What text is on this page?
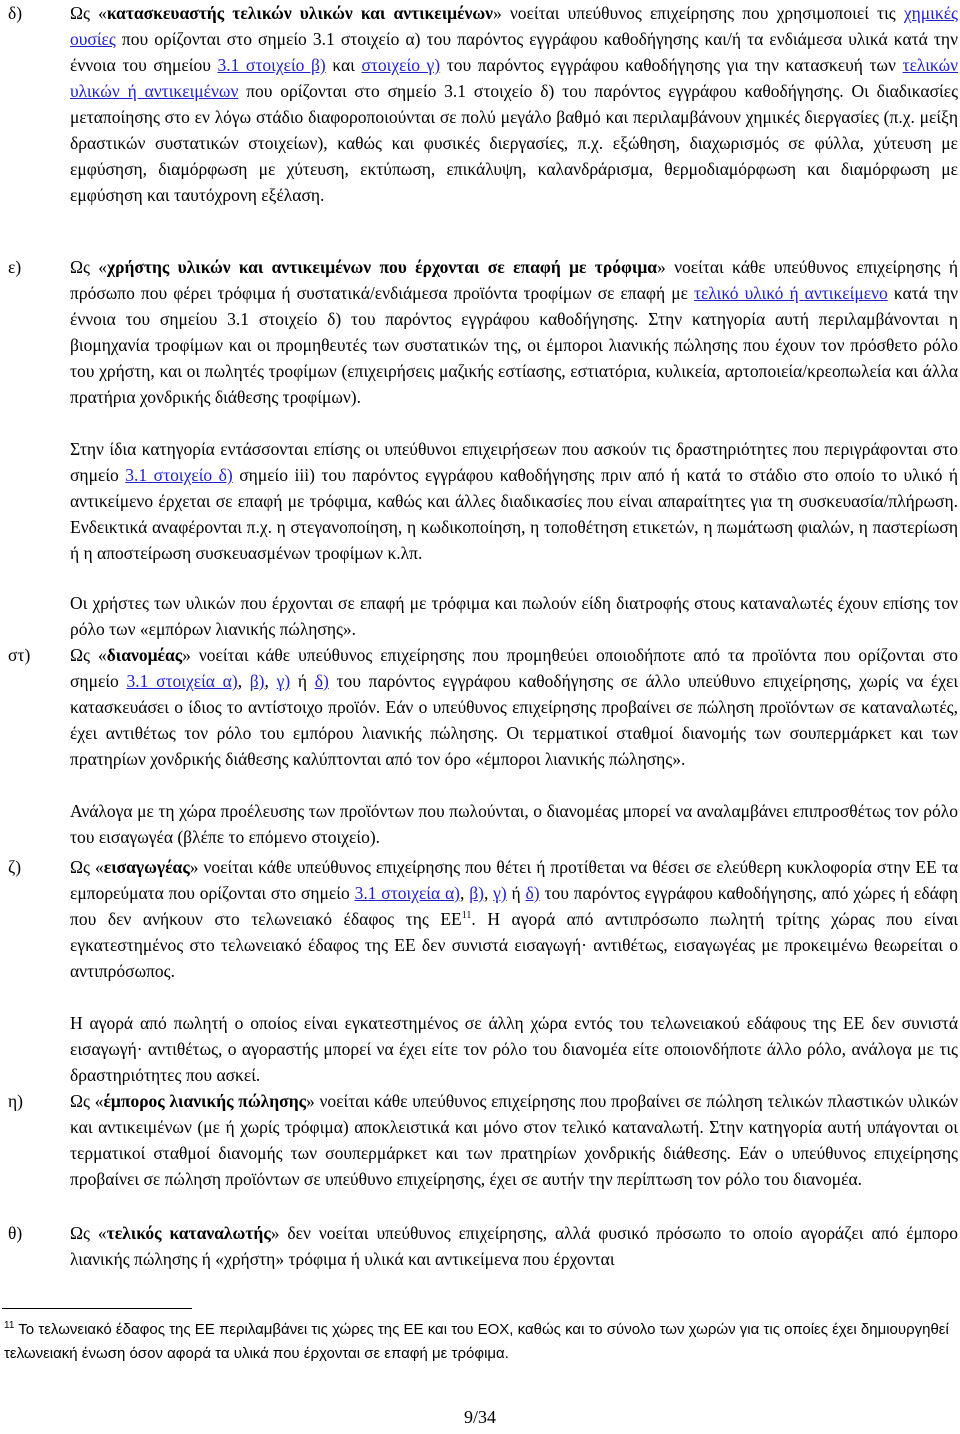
δ)	Ως «κατασκευαστής τελικών υλικών και αντικειμένων» νοείται υπεύθυνος επιχείρησης που χρησιμοποιεί τις χημικές ουσίες που ορίζονται στο σημείο 3.1 στοιχείο α) του παρόντος εγγράφου καθοδήγησης και/ή τα ενδιάμεσα υλικά κατά την έννοια του σημείου 3.1 στοιχείο β) και στοιχείο γ) του παρόντος εγγράφου καθοδήγησης για την κατασκευή των τελικών υλικών ή αντικειμένων που ορίζονται στο σημείο 3.1 στοιχείο δ) του παρόντος εγγράφου καθοδήγησης. Οι διαδικασίες μεταποίησης στο εν λόγω στάδιο διαφοροποιούνται σε πολύ μεγάλο βαθμό και περιλαμβάνουν χημικές διεργασίες (π.χ. μείξη δραστικών συστατικών στοιχείων), καθώς και φυσικές διεργασίες, π.χ. εξώθηση, διαχωρισμός σε φύλλα, χύτευση με εμφύσηση, διαμόρφωση με χύτευση, εκτύπωση, επικάλυψη, καλανδράρισμα, θερμοδιαμόρφωση και διαμόρφωση με εμφύσηση και ταυτόχρονη εξέλαση.

ε)	Ως «χρήστης υλικών και αντικειμένων που έρχονται σε επαφή με τρόφιμα» νοείται κάθε υπεύθυνος επιχείρησης ή πρόσωπο που φέρει τρόφιμα ή συστατικά/ενδιάμεσα προϊόντα τροφίμων σε επαφή με τελικό υλικό ή αντικείμενο κατά την έννοια του σημείου 3.1 στοιχείο δ) του παρόντος εγγράφου καθοδήγησης. Στην κατηγορία αυτή περιλαμβάνονται η βιομηχανία τροφίμων και οι προμηθευτές των συστατικών της, οι έμποροι λιανικής πώλησης που έχουν τον πρόσθετο ρόλο του χρήστη, και οι πωλητές τροφίμων (επιχειρήσεις μαζικής εστίασης, εστιατόρια, κυλικεία, αρτοποιεία/κρεοπωλεία και άλλα πρατήρια χονδρικής διάθεσης τροφίμων).

Στην ίδια κατηγορία εντάσσονται επίσης οι υπεύθυνοι επιχειρήσεων που ασκούν τις δραστηριότητες που περιγράφονται στο σημείο 3.1 στοιχείο δ) σημείο iii) του παρόντος εγγράφου καθοδήγησης πριν από ή κατά το στάδιο στο οποίο το υλικό ή αντικείμενο έρχεται σε επαφή με τρόφιμα, καθώς και άλλες διαδικασίες που είναι απαραίτητες για τη συσκευασία/πλήρωση. Ενδεικτικά αναφέρονται π.χ. η στεγανοποίηση, η κωδικοποίηση, η τοποθέτηση ετικετών, η πωμάτωση φιαλών, η παστερίωση ή η αποστείρωση συσκευασμένων τροφίμων κ.λπ.

Οι χρήστες των υλικών που έρχονται σε επαφή με τρόφιμα και πωλούν είδη διατροφής στους καταναλωτές έχουν επίσης τον ρόλο των «εμπόρων λιανικής πώλησης».

στ) Ως «διανομέας» νοείται κάθε υπεύθυνος επιχείρησης που προμηθεύει οποιοδήποτε από τα προϊόντα που ορίζονται στο σημείο 3.1 στοιχεία α), β), γ) ή δ) του παρόντος εγγράφου καθοδήγησης σε άλλο υπεύθυνο επιχείρησης, χωρίς να έχει κατασκευάσει ο ίδιος το αντίστοιχο προϊόν. Εάν ο υπεύθυνος επιχείρησης προβαίνει σε πώληση προϊόντων σε καταναλωτές, έχει αντιθέτως τον ρόλο του εμπόρου λιανικής πώλησης. Οι τερματικοί σταθμοί διανομής των σουπερμάρκετ και των πρατηρίων χονδρικής διάθεσης καλύπτονται από τον όρο «έμποροι λιανικής πώλησης».

Ανάλογα με τη χώρα προέλευσης των προϊόντων που πωλούνται, ο διανομέας μπορεί να αναλαμβάνει επιπροσθέτως τον ρόλο του εισαγωγέα (βλέπε το επόμενο στοιχείο).

ζ)	Ως «εισαγωγέας» νοείται κάθε υπεύθυνος επιχείρησης που θέτει ή προτίθεται να θέσει σε ελεύθερη κυκλοφορία στην ΕΕ τα εμπορεύματα που ορίζονται στο σημείο 3.1 στοιχεία α), β), γ) ή δ) του παρόντος εγγράφου καθοδήγησης, από χώρες ή εδάφη που δεν ανήκουν στο τελωνειακό έδαφος της ΕΕ$^{11}$. Η αγορά από αντιπρόσωπο πωλητή τρίτης χώρας που είναι εγκατεστημένος στο τελωνειακό έδαφος της ΕΕ δεν συνιστά εισαγωγή· αντιθέτως, εισαγωγέας με προκειμένω θεωρείται ο αντιπρόσωπος.

Η αγορά από πωλητή ο οποίος είναι εγκατεστημένος σε άλλη χώρα εντός του τελωνειακού εδάφους της ΕΕ δεν συνιστά εισαγωγή· αντιθέτως, ο αγοραστής μπορεί να έχει είτε τον ρόλο του διανομέα είτε οποιονδήποτε άλλο ρόλο, ανάλογα με τις δραστηριότητες που ασκεί.

η)	Ως «έμπορος λιανικής πώλησης» νοείται κάθε υπεύθυνος επιχείρησης που προβαίνει σε πώληση τελικών πλαστικών υλικών και αντικειμένων (με ή χωρίς τρόφιμα) αποκλειστικά και μόνο στον τελικό καταναλωτή. Στην κατηγορία αυτή υπάγονται οι τερματικοί σταθμοί διανομής των σουπερμάρκετ και των πρατηρίων χονδρικής διάθεσης. Εάν ο υπεύθυνος επιχείρησης προβαίνει σε πώληση προϊόντων σε υπεύθυνο επιχείρησης, έχει σε αυτήν την περίπτωση τον ρόλο του διανομέα.

θ)	Ως «τελικός καταναλωτής» δεν νοείται υπεύθυνος επιχείρησης, αλλά φυσικό πρόσωπο το οποίο αγοράζει από έμπορο λιανικής πώλησης ή «χρήστη» τρόφιμα ή υλικά και αντικείμενα που έρχονται

$^{11}$ Το τελωνειακό έδαφος της ΕΕ περιλαμβάνει τις χώρες της ΕΕ και του ΕΟΧ, καθώς και το σύνολο των χωρών για τις οποίες έχει δημιουργηθεί τελωνειακή ένωση όσον αφορά τα υλικά που έρχονται σε επαφή με τρόφιμα.
9/34
